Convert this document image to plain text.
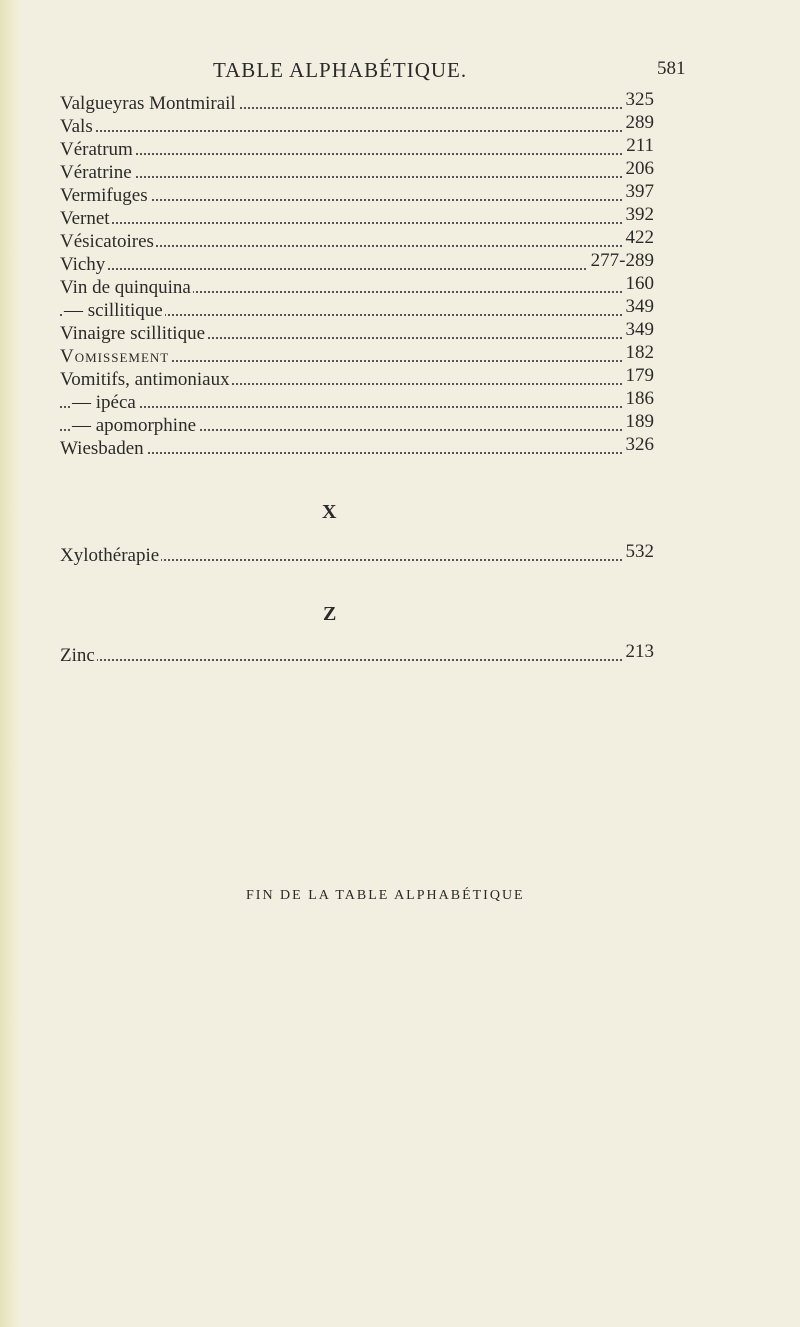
TABLE ALPHABÉTIQUE.	581
Valgueyras Montmirail	325
Vals	289
Vératrum	211
Vératrine	206
Vermifuges	397
Vernet	392
Vésicatoires	422
Vichy	277-289
Vin de quinquina	160
— scillitique	349
Vinaigre scillitique	349
Vomissement	182
Vomitifs, antimoniaux	179
— ipéca	186
— apomorphine	189
Wiesbaden	326
X
Xylothérapie	532
Z
Zinc	213
FIN DE LA TABLE ALPHABÉTIQUE
